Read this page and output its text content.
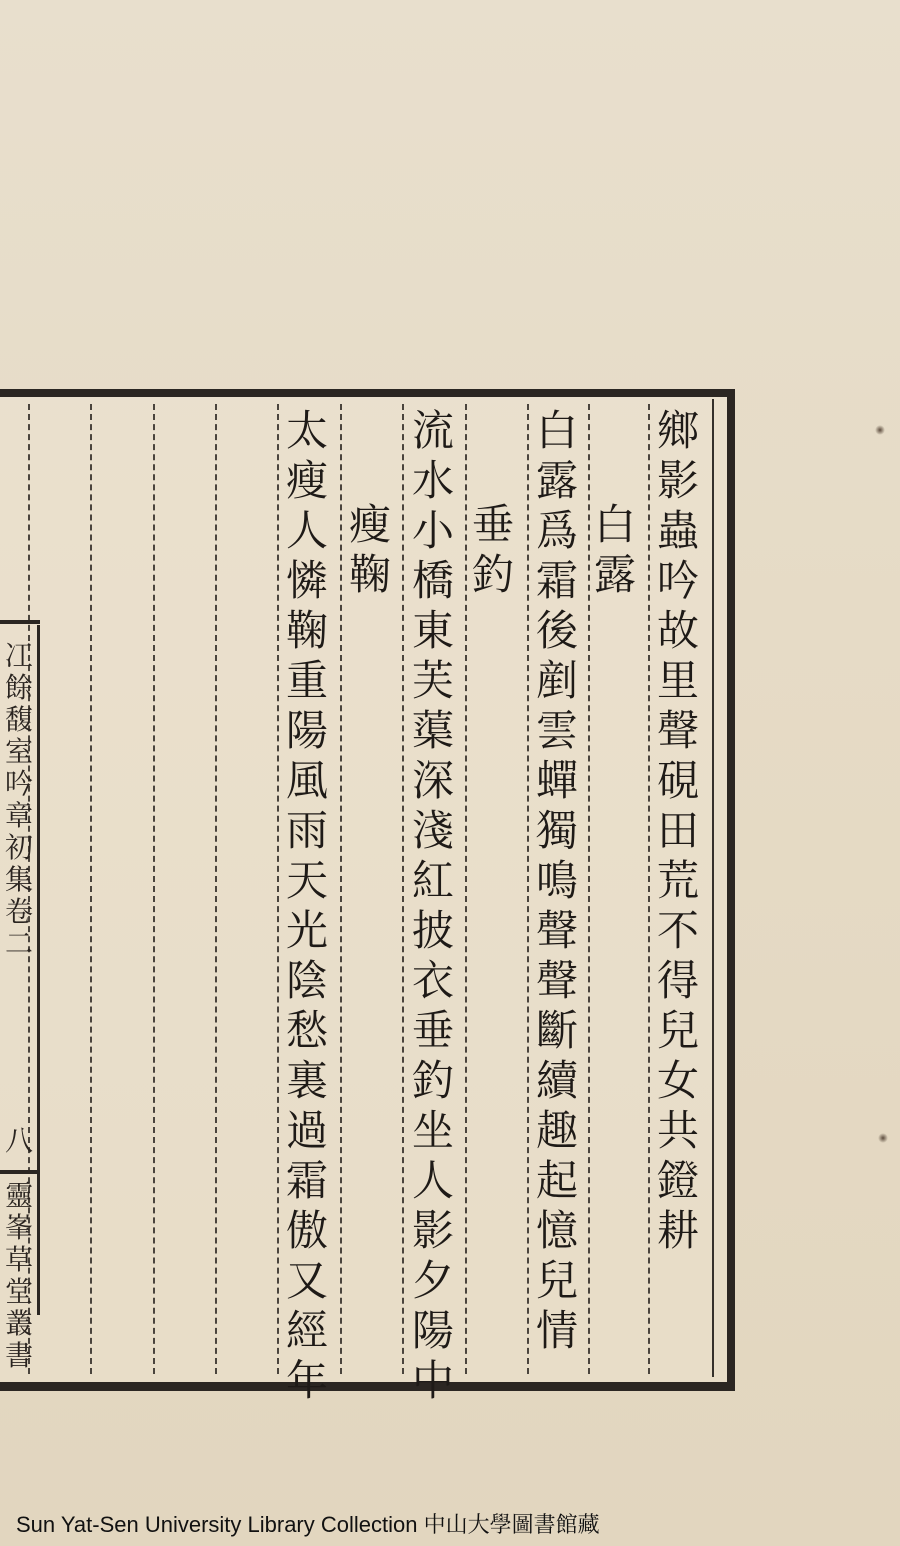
鄉
影
蟲
吟
故
里
聲
硯
田
荒
不
得
兒
女
共
鐙
耕
白
露
白
露
爲
霜
後
剷
雲
蟬
獨
鳴
聲
聲
斷
續
趣
起
憶
兒
情
垂
釣
流
水
小
橋
東
芙
蕖
深
淺
紅
披
衣
垂
釣
坐
人
影
夕
陽
中
瘦
鞠
太
瘦
人
憐
鞠
重
陽
風
雨
天
光
陰
愁
裏
過
霜
傲
又
經
年
冮
餘
馥
室
吟
章
初
集
卷
二
八
靈
峯
草
堂
叢
書
Sun Yat-Sen University Library Collection 中山大學圖書館藏
